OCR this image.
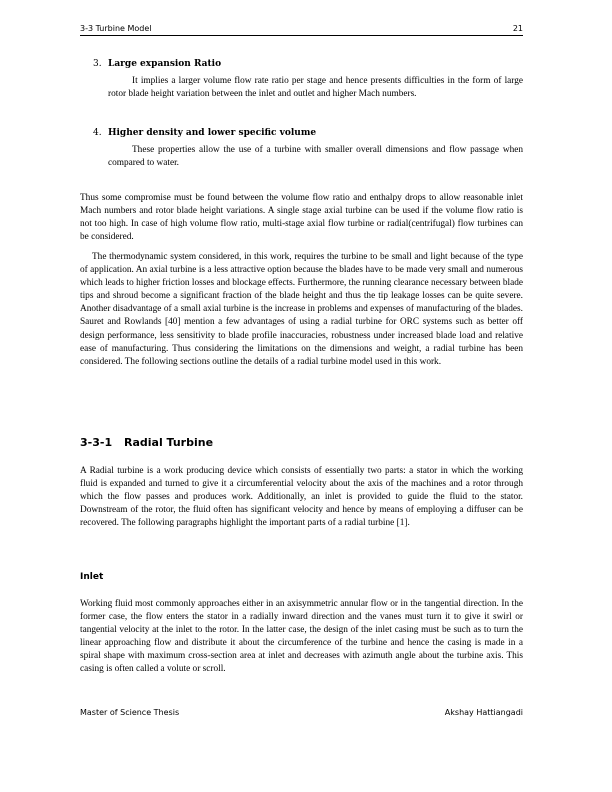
3-3 Turbine Model	21

3. Large expansion Ratio

It implies a larger volume flow rate ratio per stage and hence presents difficulties in the form of large rotor blade height variation between the inlet and outlet and higher Mach numbers.

4. Higher density and lower specific volume

These properties allow the use of a turbine with smaller overall dimensions and flow passage when compared to water.

Thus some compromise must be found between the volume flow ratio and enthalpy drops to allow reasonable inlet Mach numbers and rotor blade height variations. A single stage axial turbine can be used if the volume flow ratio is not too high. In case of high volume flow ratio, multi-stage axial flow turbine or radial(centrifugal) flow turbines can be considered.

The thermodynamic system considered, in this work, requires the turbine to be small and light because of the type of application. An axial turbine is a less attractive option because the blades have to be made very small and numerous which leads to higher friction losses and blockage effects. Furthermore, the running clearance necessary between blade tips and shroud become a significant fraction of the blade height and thus the tip leakage losses can be quite severe. Another disadvantage of a small axial turbine is the increase in problems and expenses of manufacturing of the blades. Sauret and Rowlands [40] mention a few advantages of using a radial turbine for ORC systems such as better off design performance, less sensitivity to blade profile inaccuracies, robustness under increased blade load and relative ease of manufacturing. Thus considering the limitations on the dimensions and weight, a radial turbine has been considered. The following sections outline the details of a radial turbine model used in this work.

3-3-1 Radial Turbine

A Radial turbine is a work producing device which consists of essentially two parts: a stator in which the working fluid is expanded and turned to give it a circumferential velocity about the axis of the machines and a rotor through which the flow passes and produces work. Additionally, an inlet is provided to guide the fluid to the stator. Downstream of the rotor, the fluid often has significant velocity and hence by means of employing a diffuser can be recovered. The following paragraphs highlight the important parts of a radial turbine [1].

Inlet

Working fluid most commonly approaches either in an axisymmetric annular flow or in the tangential direction. In the former case, the flow enters the stator in a radially inward direction and the vanes must turn it to give it swirl or tangential velocity at the inlet to the rotor. In the latter case, the design of the inlet casing must be such as to turn the linear approaching flow and distribute it about the circumference of the turbine and hence the casing is made in a spiral shape with maximum cross-section area at inlet and decreases with azimuth angle about the turbine axis. This casing is often called a volute or scroll.

Master of Science Thesis	Akshay Hattiangadi
